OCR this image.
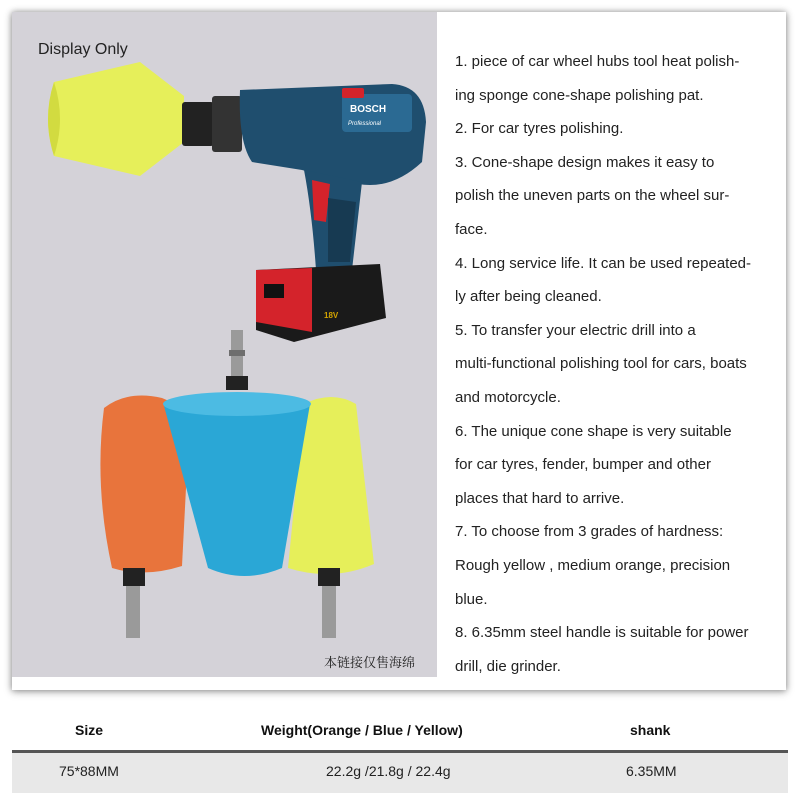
BOSCH
Professional
18V
Display Only
本链接仅售海绵
1. piece of car wheel hubs tool heat polish-
ing sponge cone-shape polishing pat.
2. For car tyres polishing.
3. Cone-shape design makes it easy to
polish the uneven parts on the wheel sur-
face.
4. Long service life. It can be used repeated-
ly after being cleaned.
5. To transfer your electric drill into a
multi-functional polishing tool for cars, boats
and motorcycle.
6. The unique cone shape is very suitable
for car tyres, fender, bumper and other
places that hard to arrive.
7. To choose from 3 grades of hardness:
Rough yellow , medium orange, precision
blue.
8. 6.35mm steel handle is suitable for power
drill, die grinder.
Size	Weight(Orange / Blue / Yellow)	shank
75*88MM	22.2g /21.8g / 22.4g	6.35MM
